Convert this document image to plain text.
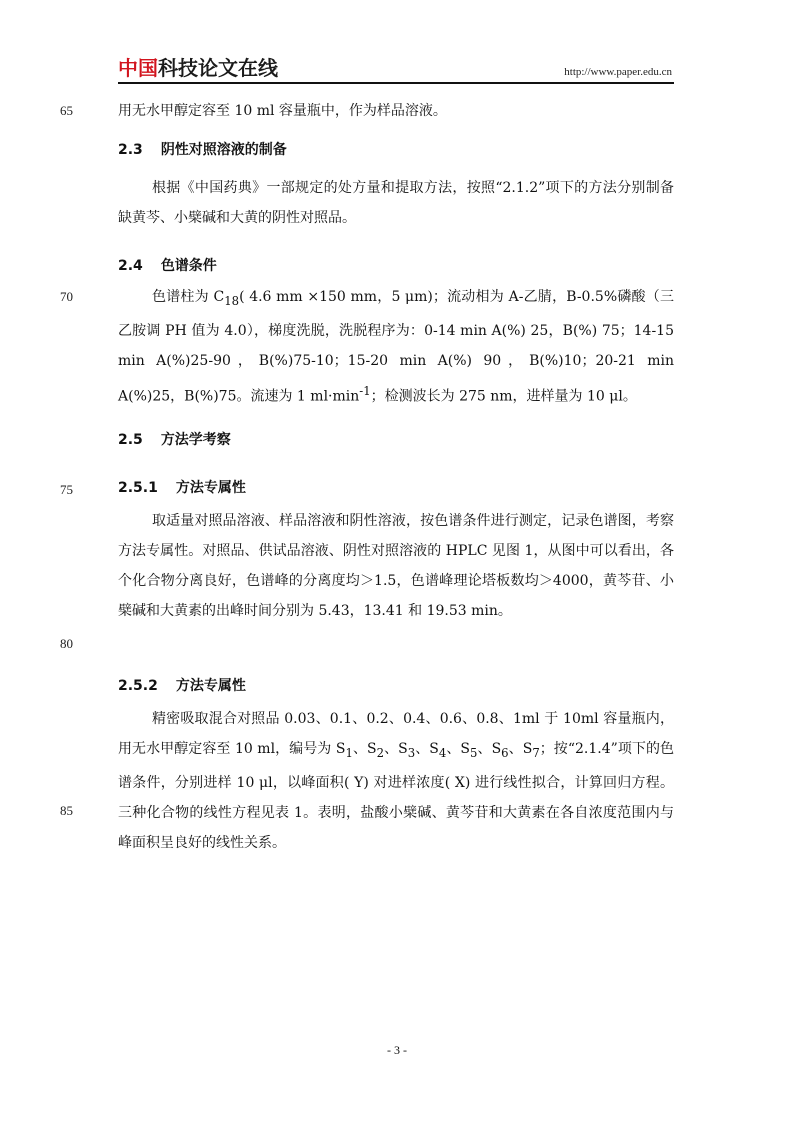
中国科技论文在线	http://www.paper.edu.cn
65
70
75
80
85

用无水甲醇定容至 10 ml 容量瓶中，作为样品溶液。

2.3 阴性对照溶液的制备

根据《中国药典》一部规定的处方量和提取方法，按照“2.1.2”项下的方法分别制备缺黄芩、小檗碱和大黄的阴性对照品。

2.4 色谱条件

色谱柱为 $C_{18}$( 4.6 mm ×150 mm，5 μm)；流动相为 A-乙腈，B-0.5%磷酸（三乙胺调 PH 值为 4.0），梯度洗脱，洗脱程序为：0-14 min A(%) 25，B(%) 75；14-15 min A(%)25-90，B(%)75-10；15-20 min A(%) 90，B(%)10；20-21 min A(%)25，B(%)75。流速为 1 $ml\cdot\min^{-1}$；检测波长为 275 nm，进样量为 10 μl。

2.5 方法学考察
2.5.1 方法专属性

取适量对照品溶液、样品溶液和阴性溶液，按色谱条件进行测定，记录色谱图，考察方法专属性。对照品、供试品溶液、阴性对照溶液的 HPLC 见图 1，从图中可以看出，各个化合物分离良好，色谱峰的分离度均＞1.5，色谱峰理论塔板数均＞4000，黄芩苷、小檗碱和大黄素的出峰时间分别为 5.43，13.41 和 19.53 min。

2.5.2 方法专属性

精密吸取混合对照品 0.03、0.1、0.2、0.4、0.6、0.8、1ml 于 10ml 容量瓶内，用无水甲醇定容至 10 ml，编号为 $S_1$、$S_2$、$S_3$、$S_4$、$S_5$、$S_6$、$S_7$；按“2.1.4”项下的色谱条件，分别进样 10 μl，以峰面积( Y) 对进样浓度( X) 进行线性拟合，计算回归方程。三种化合物的线性方程见表 1。表明，盐酸小檗碱、黄芩苷和大黄素在各自浓度范围内与峰面积呈良好的线性关系。

- 3 -
